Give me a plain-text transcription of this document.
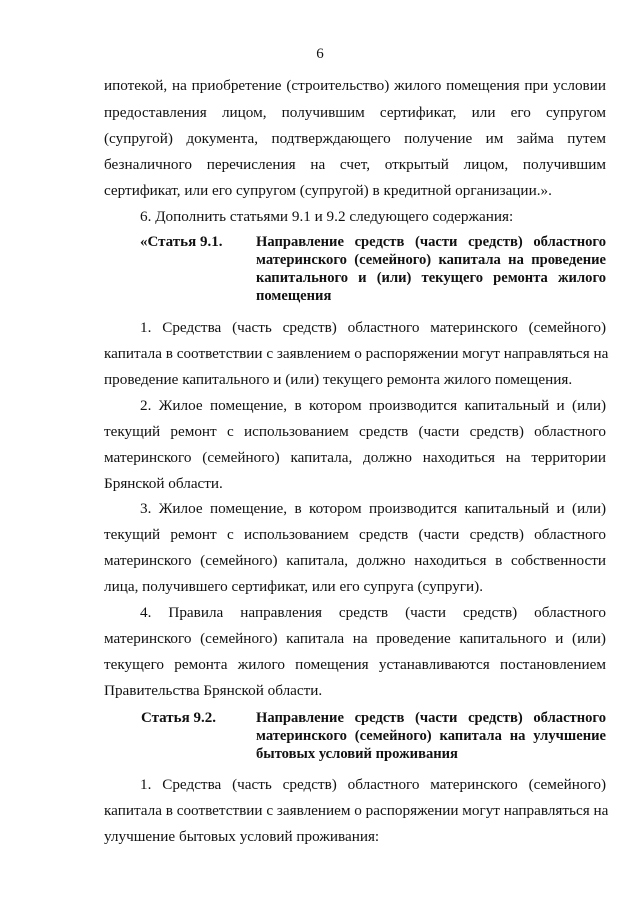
6
ипотекой, на приобретение (строительство) жилого помещения при условии
предоставления лицом, получившим сертификат, или его супругом
(супругой) документа, подтверждающего получение им займа путем
безналичного перечисления на счет, открытый лицом, получившим
сертификат, или его супругом (супругой) в кредитной организации.».
6. Дополнить статьями 9.1 и 9.2 следующего содержания:
«Статья 9.1. Направление средств (части средств) областного
материнского (семейного) капитала на проведение
капитального и (или) текущего ремонта жилого
помещения
1. Средства (часть средств) областного материнского (семейного)
капитала в соответствии с заявлением о распоряжении могут направляться на
проведение капитального и (или) текущего ремонта жилого помещения.
2. Жилое помещение, в котором производится капитальный и (или)
текущий ремонт с использованием средств (части средств) областного
материнского (семейного) капитала, должно находиться на территории
Брянской области.
3. Жилое помещение, в котором производится капитальный и (или)
текущий ремонт с использованием средств (части средств) областного
материнского (семейного) капитала, должно находиться в собственности
лица, получившего сертификат, или его супруга (супруги).
4. Правила направления средств (части средств) областного
материнского (семейного) капитала на проведение капитального и (или)
текущего ремонта жилого помещения устанавливаются постановлением
Правительства Брянской области.
Статья 9.2.	Направление средств (части средств) областного
материнского (семейного) капитала на улучшение
бытовых условий проживания
1. Средства (часть средств) областного материнского (семейного)
капитала в соответствии с заявлением о распоряжении могут направляться на
улучшение бытовых условий проживания:
